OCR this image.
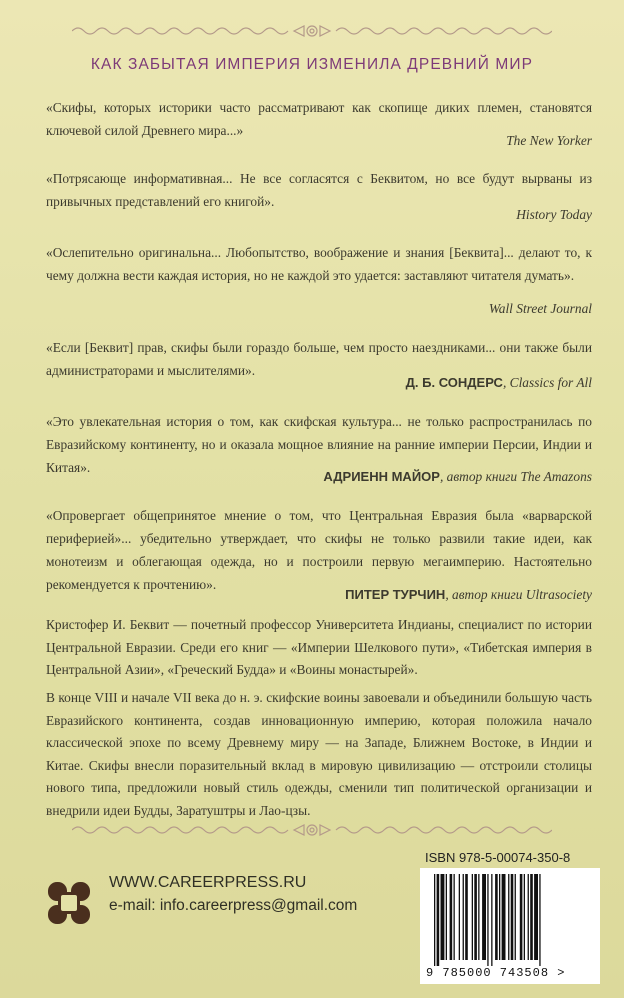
КАК ЗАБЫТАЯ ИМПЕРИЯ ИЗМЕНИЛА ДРЕВНИЙ МИР
«Скифы, которых историки часто рассматривают как скопище диких племен, становятся ключевой силой Древнего мира...»
The New Yorker
«Потрясающе информативная... Не все согласятся с Беквитом, но все будут вырваны из привычных представлений его книгой».
History Today
«Ослепительно оригинальна... Любопытство, воображение и знания [Беквита]... делают то, к чему должна вести каждая история, но не каждой это удается: заставляют читателя думать».
Wall Street Journal
«Если [Беквит] прав, скифы были гораздо больше, чем просто наездниками... они также были администраторами и мыслителями».
Д. Б. СОНДЕРС, Classics for All
«Это увлекательная история о том, как скифская культура... не только распространилась по Евразийскому континенту, но и оказала мощное влияние на ранние империи Персии, Индии и Китая».
АДРИЕНН МАЙОР, автор книги The Amazons
«Опровергает общепринятое мнение о том, что Центральная Евразия была «варварской периферией»... убедительно утверждает, что скифы не только развили такие идеи, как монотеизм и облегающая одежда, но и построили первую мегаимперию. Настоятельно рекомендуется к прочтению».
ПИТЕР ТУРЧИН, автор книги Ultrasociety
Кристофер И. Беквит — почетный профессор Университета Индианы, специалист по истории Центральной Евразии. Среди его книг — «Империи Шелкового пути», «Тибетская империя в Центральной Азии», «Греческий Будда» и «Воины монастырей».
В конце VIII и начале VII века до н. э. скифские воины завоевали и объединили большую часть Евразийского континента, создав инновационную империю, которая положила начало классической эпохе по всему Древнему миру — на Западе, Ближнем Востоке, в Индии и Китае. Скифы внесли поразительный вклад в мировую цивилизацию — отстроили столицы нового типа, предложили новый стиль одежды, сменили тип политической организации и внедрили идеи Будды, Заратуштры и Лао-цзы.
WWW.CAREERPRESS.RU
e-mail: info.careerpress@gmail.com
ISBN 978-5-00074-350-8
9 785000 743508 >
